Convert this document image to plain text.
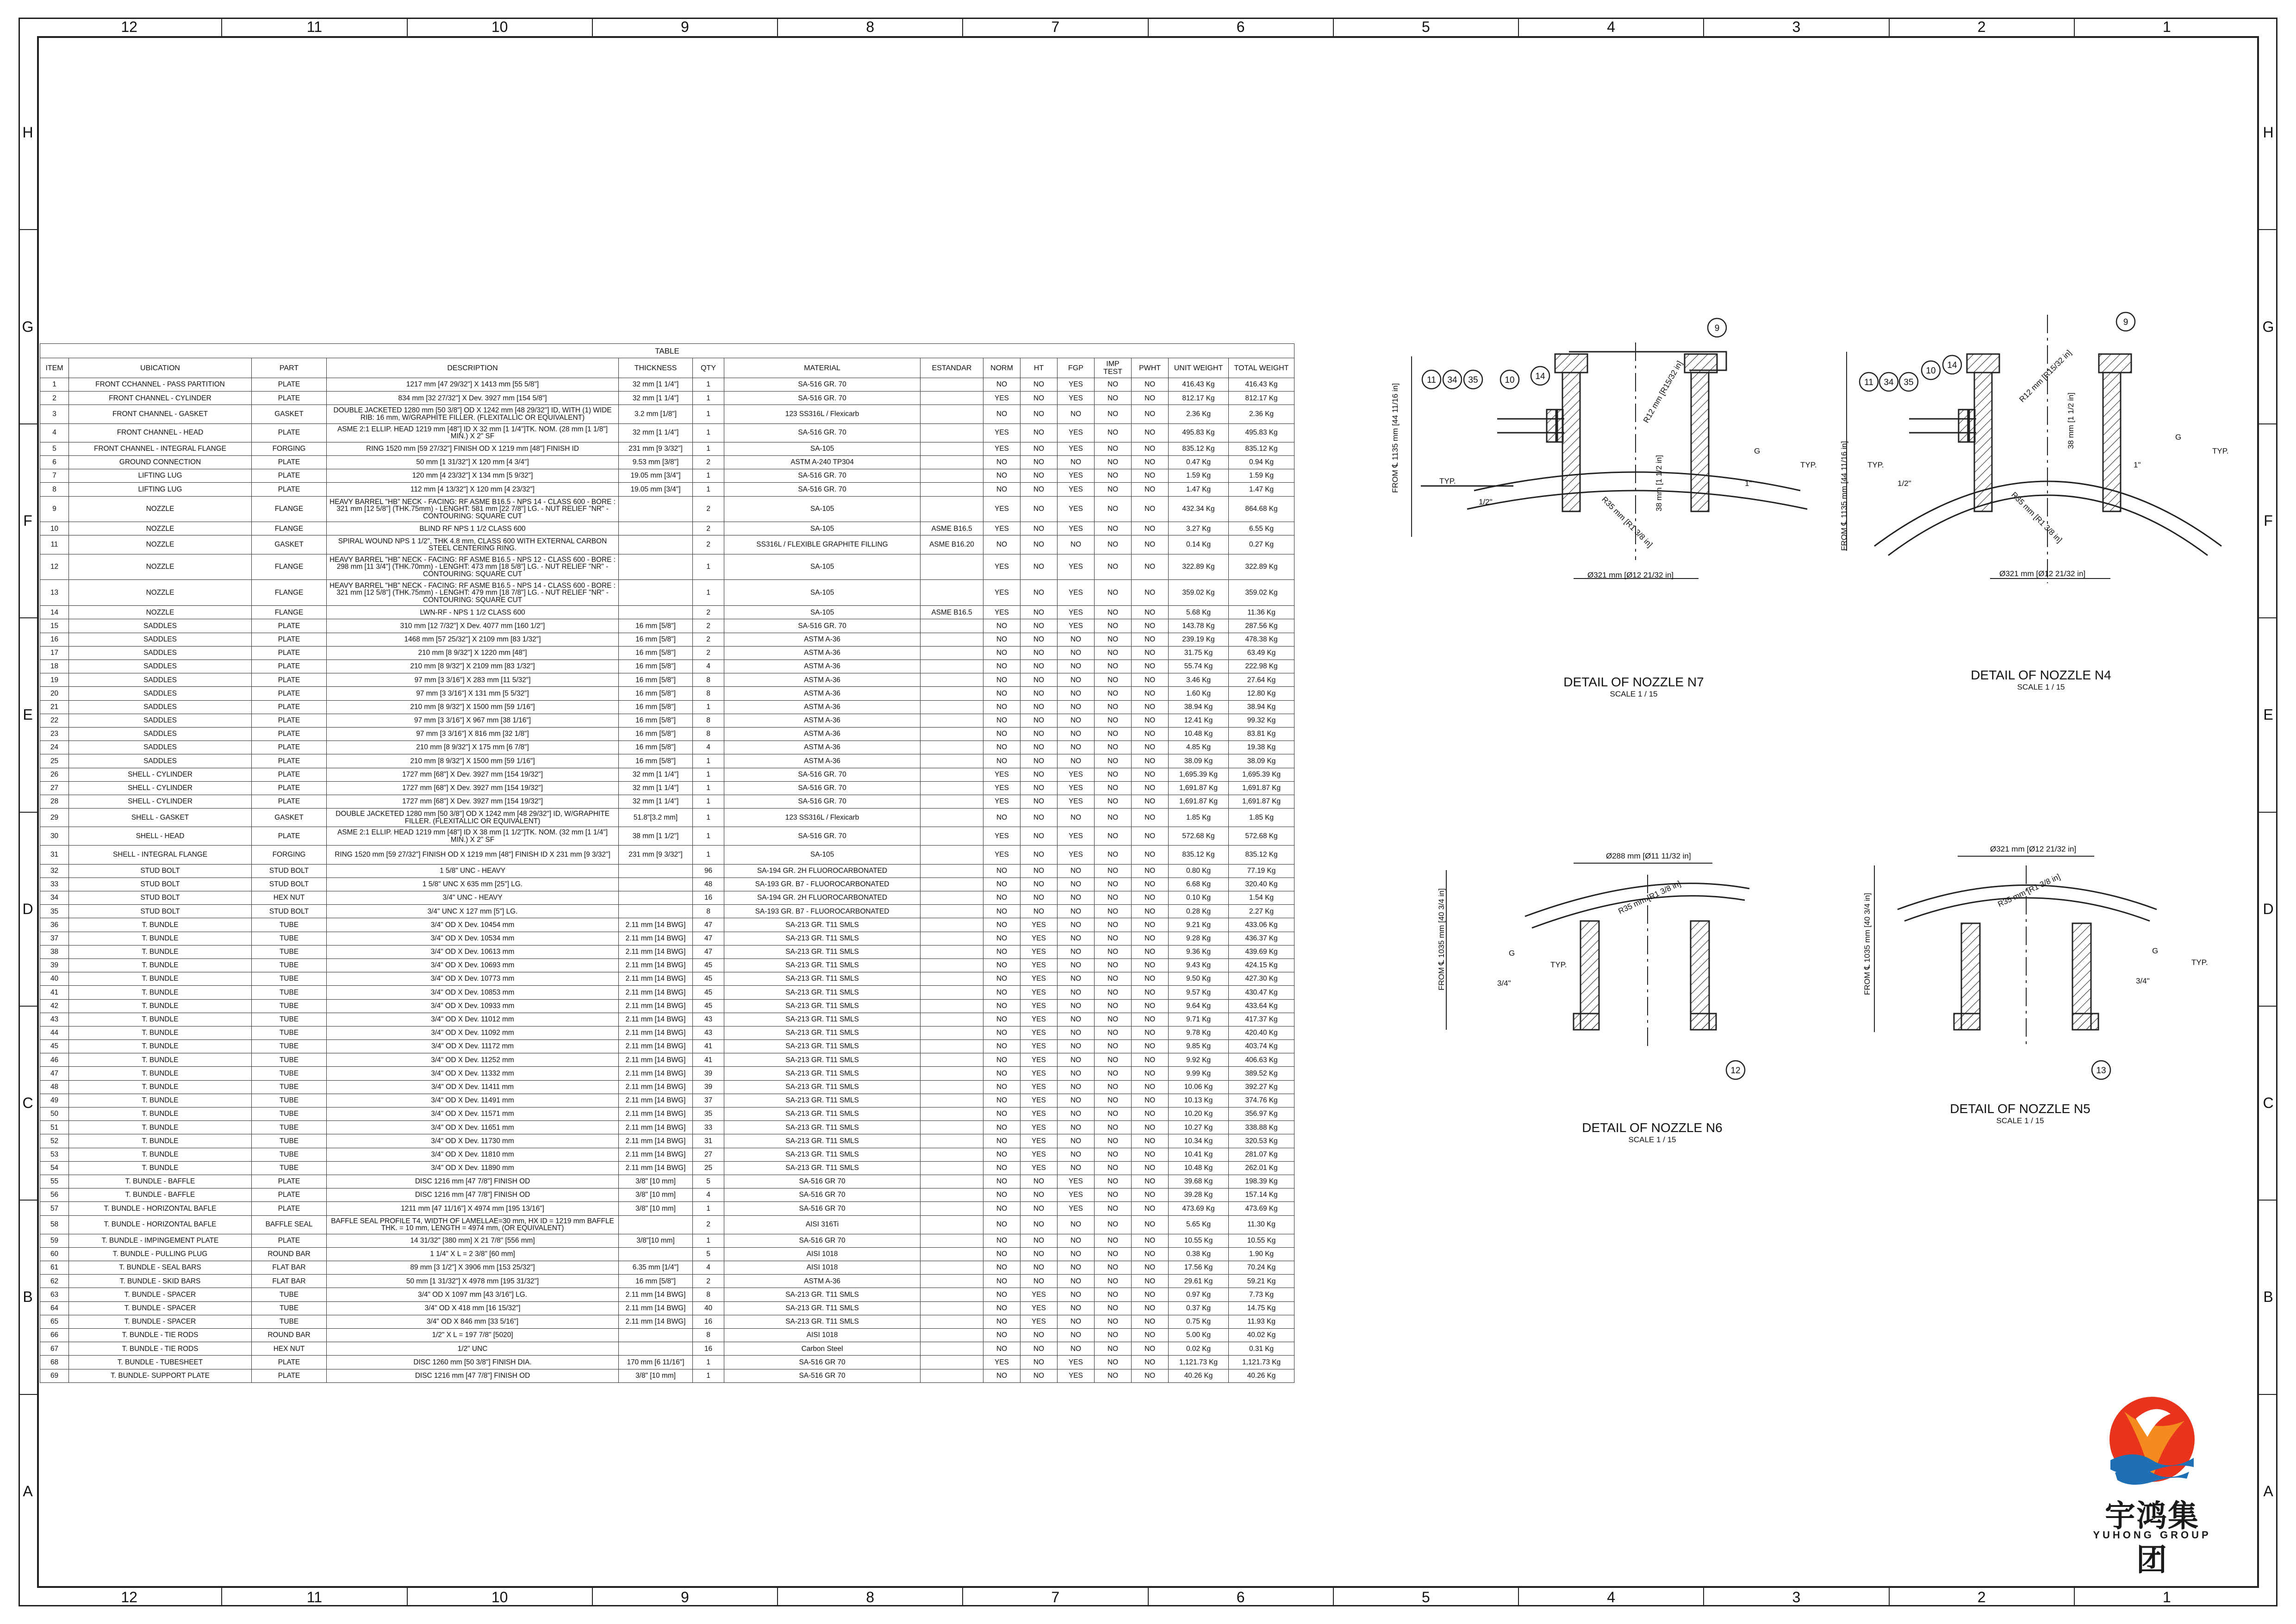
12	11	10	9	8	7	6	5	4	3	2	1
12	11	10	9	8	7	6	5	4	3	2	1
H
G
F
E
D
C
B
A
H
G
F
E
D
C
B
A
TABLE														
ITEM	UBICATION	PART	DESCRIPTION	THICKNESS	QTY	MATERIAL	ESTANDAR	NORM	HT	FGP	IMP TEST	PWHT	UNIT WEIGHT	TOTAL WEIGHT
1	FRONT CCHANNEL - PASS PARTITION	PLATE	1217 mm [47 29/32"] X 1413 mm [55 5/8"]	32 mm [1 1/4"]	1	SA-516 GR. 70		NO	NO	YES	NO	NO	416.43 Kg	416.43 Kg
2	FRONT CHANNEL - CYLINDER	PLATE	834 mm [32 27/32"] X Dev. 3927 mm [154 5/8"]	32 mm [1 1/4"]	1	SA-516 GR. 70		YES	NO	YES	NO	NO	812.17 Kg	812.17 Kg
3	FRONT CHANNEL - GASKET	GASKET	DOUBLE JACKETED 1280 mm [50 3/8"] OD X 1242 mm [48 29/32"] ID, WITH (1) WIDE RIB: 16 mm, W/GRAPHITE FILLER. (FLEXITALLIC OR EQUIVALENT)	3.2 mm [1/8"]	1	123 SS316L / Flexicarb		NO	NO	NO	NO	NO	2.36 Kg	2.36 Kg
4	FRONT CHANNEL - HEAD	PLATE	ASME 2:1 ELLIP. HEAD 1219 mm [48"] ID X 32 mm [1 1/4"]TK. NOM. (28 mm [1 1/8"] MIN.) X 2" SF	32 mm [1 1/4"]	1	SA-516 GR. 70		YES	NO	YES	NO	NO	495.83 Kg	495.83 Kg
5	FRONT CHANNEL - INTEGRAL FLANGE	FORGING	RING 1520 mm [59 27/32"] FINISH OD X 1219 mm [48"] FINISH ID	231 mm [9 3/32"]	1	SA-105		YES	NO	YES	NO	NO	835.12 Kg	835.12 Kg
6	GROUND CONNECTION	PLATE	50 mm [1 31/32"] X 120 mm [4 3/4"]	9.53 mm [3/8"]	2	ASTM A-240 TP304		NO	NO	NO	NO	NO	0.47 Kg	0.94 Kg
7	LIFTING LUG	PLATE	120 mm [4 23/32"] X 134 mm [5 9/32"]	19.05 mm [3/4"]	1	SA-516 GR. 70		NO	NO	YES	NO	NO	1.59 Kg	1.59 Kg
8	LIFTING LUG	PLATE	112 mm [4 13/32"] X 120 mm [4 23/32"]	19.05 mm [3/4"]	1	SA-516 GR. 70		NO	NO	YES	NO	NO	1.47 Kg	1.47 Kg
9	NOZZLE	FLANGE	HEAVY BARREL "HB" NECK - FACING: RF ASME B16.5 - NPS 14 - CLASS 600 - BORE : 321 mm [12 5/8"] (THK.75mm) - LENGHT: 581 mm [22 7/8"] LG. - NUT RELIEF "NR" - CONTOURING: SQUARE CUT		2	SA-105		YES	NO	YES	NO	NO	432.34 Kg	864.68 Kg
10	NOZZLE	FLANGE	BLIND RF NPS 1 1/2 CLASS 600		2	SA-105	ASME B16.5	YES	NO	YES	NO	NO	3.27 Kg	6.55 Kg
11	NOZZLE	GASKET	SPIRAL WOUND NPS 1 1/2", THK 4.8 mm, CLASS 600 WITH EXTERNAL CARBON STEEL CENTERING RING.		2	SS316L / FLEXIBLE GRAPHITE FILLING	ASME B16.20	NO	NO	NO	NO	NO	0.14 Kg	0.27 Kg
12	NOZZLE	FLANGE	HEAVY BARREL "HB" NECK - FACING: RF ASME B16.5 - NPS 12 - CLASS 600 - BORE : 298 mm [11 3/4"] (THK.70mm) - LENGHT: 473 mm [18 5/8"] LG. - NUT RELIEF "NR" - CONTOURING: SQUARE CUT		1	SA-105		YES	NO	YES	NO	NO	322.89 Kg	322.89 Kg
13	NOZZLE	FLANGE	HEAVY BARREL "HB" NECK - FACING: RF ASME B16.5 - NPS 14 - CLASS 600 - BORE : 321 mm [12 5/8"] (THK.75mm) - LENGHT: 479 mm [18 7/8"] LG. - NUT RELIEF "NR" - CONTOURING: SQUARE CUT		1	SA-105		YES	NO	YES	NO	NO	359.02 Kg	359.02 Kg
14	NOZZLE	FLANGE	LWN-RF - NPS 1 1/2 CLASS 600		2	SA-105	ASME B16.5	YES	NO	YES	NO	NO	5.68 Kg	11.36 Kg
15	SADDLES	PLATE	310 mm [12 7/32"] X Dev. 4077 mm [160 1/2"]	16 mm [5/8"]	2	SA-516 GR. 70		NO	NO	YES	NO	NO	143.78 Kg	287.56 Kg
16	SADDLES	PLATE	1468 mm [57 25/32"] X 2109 mm [83 1/32"]	16 mm [5/8"]	2	ASTM A-36		NO	NO	NO	NO	NO	239.19 Kg	478.38 Kg
17	SADDLES	PLATE	210 mm [8 9/32"] X 1220 mm [48"]	16 mm [5/8"]	2	ASTM A-36		NO	NO	NO	NO	NO	31.75 Kg	63.49 Kg
18	SADDLES	PLATE	210 mm [8 9/32"] X 2109 mm [83 1/32"]	16 mm [5/8"]	4	ASTM A-36		NO	NO	NO	NO	NO	55.74 Kg	222.98 Kg
19	SADDLES	PLATE	97 mm [3 3/16"] X 283 mm [11 5/32"]	16 mm [5/8"]	8	ASTM A-36		NO	NO	NO	NO	NO	3.46 Kg	27.64 Kg
20	SADDLES	PLATE	97 mm [3 3/16"] X 131 mm [5 5/32"]	16 mm [5/8"]	8	ASTM A-36		NO	NO	NO	NO	NO	1.60 Kg	12.80 Kg
21	SADDLES	PLATE	210 mm [8 9/32"] X 1500 mm [59 1/16"]	16 mm [5/8"]	1	ASTM A-36		NO	NO	NO	NO	NO	38.94 Kg	38.94 Kg
22	SADDLES	PLATE	97 mm [3 3/16"] X 967 mm [38 1/16"]	16 mm [5/8"]	8	ASTM A-36		NO	NO	NO	NO	NO	12.41 Kg	99.32 Kg
23	SADDLES	PLATE	97 mm [3 3/16"] X 816 mm [32 1/8"]	16 mm [5/8"]	8	ASTM A-36		NO	NO	NO	NO	NO	10.48 Kg	83.81 Kg
24	SADDLES	PLATE	210 mm [8 9/32"] X 175 mm [6 7/8"]	16 mm [5/8"]	4	ASTM A-36		NO	NO	NO	NO	NO	4.85 Kg	19.38 Kg
25	SADDLES	PLATE	210 mm [8 9/32"] X 1500 mm [59 1/16"]	16 mm [5/8"]	1	ASTM A-36		NO	NO	NO	NO	NO	38.09 Kg	38.09 Kg
26	SHELL - CYLINDER	PLATE	1727 mm [68"] X Dev. 3927 mm [154 19/32"]	32 mm [1 1/4"]	1	SA-516 GR. 70		YES	NO	YES	NO	NO	1,695.39 Kg	1,695.39 Kg
27	SHELL - CYLINDER	PLATE	1727 mm [68"] X Dev. 3927 mm [154 19/32"]	32 mm [1 1/4"]	1	SA-516 GR. 70		YES	NO	YES	NO	NO	1,691.87 Kg	1,691.87 Kg
28	SHELL - CYLINDER	PLATE	1727 mm [68"] X Dev. 3927 mm [154 19/32"]	32 mm [1 1/4"]	1	SA-516 GR. 70		YES	NO	YES	NO	NO	1,691.87 Kg	1,691.87 Kg
29	SHELL - GASKET	GASKET	DOUBLE JACKETED 1280 mm [50 3/8"] OD X 1242 mm [48 29/32"] ID, W/GRAPHITE FILLER. (FLEXITALLIC OR EQUIVALENT)	51.8"[3.2 mm]	1	123 SS316L / Flexicarb		NO	NO	NO	NO	NO	1.85 Kg	1.85 Kg
30	SHELL - HEAD	PLATE	ASME 2:1 ELLIP. HEAD 1219 mm [48"] ID X 38 mm [1 1/2"]TK. NOM. (32 mm [1 1/4"] MIN.) X 2" SF	38 mm [1 1/2"]	1	SA-516 GR. 70		YES	NO	YES	NO	NO	572.68 Kg	572.68 Kg
31	SHELL - INTEGRAL FLANGE	FORGING	RING 1520 mm [59 27/32"] FINISH OD X 1219 mm [48"] FINISH ID X 231 mm [9 3/32"]	231 mm [9 3/32"]	1	SA-105		YES	NO	YES	NO	NO	835.12 Kg	835.12 Kg
32	STUD BOLT	STUD BOLT	1 5/8" UNC - HEAVY		96	SA-194 GR. 2H FLUOROCARBONATED		NO	NO	NO	NO	NO	0.80 Kg	77.19 Kg
33	STUD BOLT	STUD BOLT	1 5/8" UNC X 635 mm [25"] LG.		48	SA-193 GR. B7 - FLUOROCARBONATED		NO	NO	NO	NO	NO	6.68 Kg	320.40 Kg
34	STUD BOLT	HEX NUT	3/4" UNC - HEAVY		16	SA-194 GR. 2H FLUOROCARBONATED		NO	NO	NO	NO	NO	0.10 Kg	1.54 Kg
35	STUD BOLT	STUD BOLT	3/4" UNC X 127 mm [5"] LG.		8	SA-193 GR. B7 - FLUOROCARBONATED		NO	NO	NO	NO	NO	0.28 Kg	2.27 Kg
36	T. BUNDLE	TUBE	3/4" OD X Dev. 10454 mm	2.11 mm [14 BWG]	47	SA-213 GR. T11 SMLS		NO	YES	NO	NO	NO	9.21 Kg	433.06 Kg
37	T. BUNDLE	TUBE	3/4" OD X Dev. 10534 mm	2.11 mm [14 BWG]	47	SA-213 GR. T11 SMLS		NO	YES	NO	NO	NO	9.28 Kg	436.37 Kg
38	T. BUNDLE	TUBE	3/4" OD X Dev. 10613 mm	2.11 mm [14 BWG]	47	SA-213 GR. T11 SMLS		NO	YES	NO	NO	NO	9.36 Kg	439.69 Kg
39	T. BUNDLE	TUBE	3/4" OD X Dev. 10693 mm	2.11 mm [14 BWG]	45	SA-213 GR. T11 SMLS		NO	YES	NO	NO	NO	9.43 Kg	424.15 Kg
40	T. BUNDLE	TUBE	3/4" OD X Dev. 10773 mm	2.11 mm [14 BWG]	45	SA-213 GR. T11 SMLS		NO	YES	NO	NO	NO	9.50 Kg	427.30 Kg
41	T. BUNDLE	TUBE	3/4" OD X Dev. 10853 mm	2.11 mm [14 BWG]	45	SA-213 GR. T11 SMLS		NO	YES	NO	NO	NO	9.57 Kg	430.47 Kg
42	T. BUNDLE	TUBE	3/4" OD X Dev. 10933 mm	2.11 mm [14 BWG]	45	SA-213 GR. T11 SMLS		NO	YES	NO	NO	NO	9.64 Kg	433.64 Kg
43	T. BUNDLE	TUBE	3/4" OD X Dev. 11012 mm	2.11 mm [14 BWG]	43	SA-213 GR. T11 SMLS		NO	YES	NO	NO	NO	9.71 Kg	417.37 Kg
44	T. BUNDLE	TUBE	3/4" OD X Dev. 11092 mm	2.11 mm [14 BWG]	43	SA-213 GR. T11 SMLS		NO	YES	NO	NO	NO	9.78 Kg	420.40 Kg
45	T. BUNDLE	TUBE	3/4" OD X Dev. 11172 mm	2.11 mm [14 BWG]	41	SA-213 GR. T11 SMLS		NO	YES	NO	NO	NO	9.85 Kg	403.74 Kg
46	T. BUNDLE	TUBE	3/4" OD X Dev. 11252 mm	2.11 mm [14 BWG]	41	SA-213 GR. T11 SMLS		NO	YES	NO	NO	NO	9.92 Kg	406.63 Kg
47	T. BUNDLE	TUBE	3/4" OD X Dev. 11332 mm	2.11 mm [14 BWG]	39	SA-213 GR. T11 SMLS		NO	YES	NO	NO	NO	9.99 Kg	389.52 Kg
48	T. BUNDLE	TUBE	3/4" OD X Dev. 11411 mm	2.11 mm [14 BWG]	39	SA-213 GR. T11 SMLS		NO	YES	NO	NO	NO	10.06 Kg	392.27 Kg
49	T. BUNDLE	TUBE	3/4" OD X Dev. 11491 mm	2.11 mm [14 BWG]	37	SA-213 GR. T11 SMLS		NO	YES	NO	NO	NO	10.13 Kg	374.76 Kg
50	T. BUNDLE	TUBE	3/4" OD X Dev. 11571 mm	2.11 mm [14 BWG]	35	SA-213 GR. T11 SMLS		NO	YES	NO	NO	NO	10.20 Kg	356.97 Kg
51	T. BUNDLE	TUBE	3/4" OD X Dev. 11651 mm	2.11 mm [14 BWG]	33	SA-213 GR. T11 SMLS		NO	YES	NO	NO	NO	10.27 Kg	338.88 Kg
52	T. BUNDLE	TUBE	3/4" OD X Dev. 11730 mm	2.11 mm [14 BWG]	31	SA-213 GR. T11 SMLS		NO	YES	NO	NO	NO	10.34 Kg	320.53 Kg
53	T. BUNDLE	TUBE	3/4" OD X Dev. 11810 mm	2.11 mm [14 BWG]	27	SA-213 GR. T11 SMLS		NO	YES	NO	NO	NO	10.41 Kg	281.07 Kg
54	T. BUNDLE	TUBE	3/4" OD X Dev. 11890 mm	2.11 mm [14 BWG]	25	SA-213 GR. T11 SMLS		NO	YES	NO	NO	NO	10.48 Kg	262.01 Kg
55	T. BUNDLE - BAFFLE	PLATE	DISC 1216 mm [47 7/8"] FINISH OD	3/8" [10 mm]	5	SA-516 GR 70		NO	NO	YES	NO	NO	39.68 Kg	198.39 Kg
56	T. BUNDLE - BAFFLE	PLATE	DISC 1216 mm [47 7/8"] FINISH OD	3/8" [10 mm]	4	SA-516 GR 70		NO	NO	YES	NO	NO	39.28 Kg	157.14 Kg
57	T. BUNDLE - HORIZONTAL BAFLE	PLATE	1211 mm [47 11/16"] X 4974 mm [195 13/16"]	3/8" [10 mm]	1	SA-516 GR 70		NO	NO	YES	NO	NO	473.69 Kg	473.69 Kg
58	T. BUNDLE - HORIZONTAL BAFLE	BAFFLE SEAL	BAFFLE SEAL PROFILE T4, WIDTH OF LAMELLAE=30 mm, HX ID = 1219 mm BAFFLE THK. = 10 mm, LENGTH = 4974 mm, (OR EQUIVALENT)		2	AISI 316Ti		NO	NO	NO	NO	NO	5.65 Kg	11.30 Kg
59	T. BUNDLE - IMPINGEMENT PLATE	PLATE	14 31/32" [380 mm] X 21 7/8" [556 mm]	3/8"[10 mm]	1	SA-516 GR 70		NO	NO	NO	NO	NO	10.55 Kg	10.55 Kg
60	T. BUNDLE - PULLING PLUG	ROUND BAR	1 1/4" X L = 2 3/8" [60 mm]		5	AISI 1018		NO	NO	NO	NO	NO	0.38 Kg	1.90 Kg
61	T. BUNDLE - SEAL BARS	FLAT BAR	89 mm [3 1/2"] X 3906 mm [153 25/32"]	6.35 mm [1/4"]	4	AISI 1018		NO	NO	NO	NO	NO	17.56 Kg	70.24 Kg
62	T. BUNDLE - SKID BARS	FLAT BAR	50 mm [1 31/32"] X 4978 mm [195 31/32"]	16 mm [5/8"]	2	ASTM A-36		NO	NO	NO	NO	NO	29.61 Kg	59.21 Kg
63	T. BUNDLE - SPACER	TUBE	3/4" OD X 1097 mm [43 3/16"] LG.	2.11 mm [14 BWG]	8	SA-213 GR. T11 SMLS		NO	YES	NO	NO	NO	0.97 Kg	7.73 Kg
64	T. BUNDLE - SPACER	TUBE	3/4" OD X 418 mm [16 15/32"]	2.11 mm [14 BWG]	40	SA-213 GR. T11 SMLS		NO	YES	NO	NO	NO	0.37 Kg	14.75 Kg
65	T. BUNDLE - SPACER	TUBE	3/4" OD X 846 mm [33 5/16"]	2.11 mm [14 BWG]	16	SA-213 GR. T11 SMLS		NO	YES	NO	NO	NO	0.75 Kg	11.93 Kg
66	T. BUNDLE - TIE RODS	ROUND BAR	1/2" X L = 197 7/8" [5020]		8	AISI 1018		NO	NO	NO	NO	NO	5.00 Kg	40.02 Kg
67	T. BUNDLE - TIE RODS	HEX NUT	1/2" UNC		16	Carbon Steel		NO	NO	NO	NO	NO	0.02 Kg	0.31 Kg
68	T. BUNDLE - TUBESHEET	PLATE	DISC 1260 mm [50 3/8"] FINISH DIA.	170 mm [6 11/16"]	1	SA-516 GR 70		YES	NO	YES	NO	NO	1,121.73 Kg	1,121.73 Kg
69	T. BUNDLE- SUPPORT PLATE	PLATE	DISC 1216 mm [47 7/8"] FINISH OD	3/8" [10 mm]	1	SA-516 GR 70		NO	NO	YES	NO	NO	40.26 Kg	40.26 Kg
9
11 34 35	10 14
9
11 34 35
10
14
12	13
FROM ℄ 1135 mm [44 11/16 in]
Ø321 mm [Ø12 21/32 in]
R12 mm [R15/32 in]
38 mm [1 1/2 in]
R35 mm [R1 3/8 in]
1/2"
1"
G
TYP.
TYP.	FROM ℄ 1135 mm [44 11/16 in]
Ø321 mm [Ø12 21/32 in]
R12 mm [R15/32 in]
38 mm [1 1/2 in]
R35 mm [R1 3/8 in]
1/2"
1"
G
TYP.
TYP.
FROM ℄ 1035 mm [40 3/4 in]
Ø288 mm [Ø11 11/32 in]
R35 mm [R1 3/8 in]
3/4"
G
TYP.	FROM ℄ 1035 mm [40 3/4 in]
Ø321 mm [Ø12 21/32 in]
R35 mm [R1 3/8 in]
3/4"
G
TYP.
DETAIL OF NOZZLE N7
SCALE 1 / 15
DETAIL OF NOZZLE N4
SCALE 1 / 15
DETAIL OF NOZZLE N6
SCALE 1 / 15
DETAIL OF NOZZLE N5
SCALE 1 / 15
宇鸿集团
YUHONG GROUP
